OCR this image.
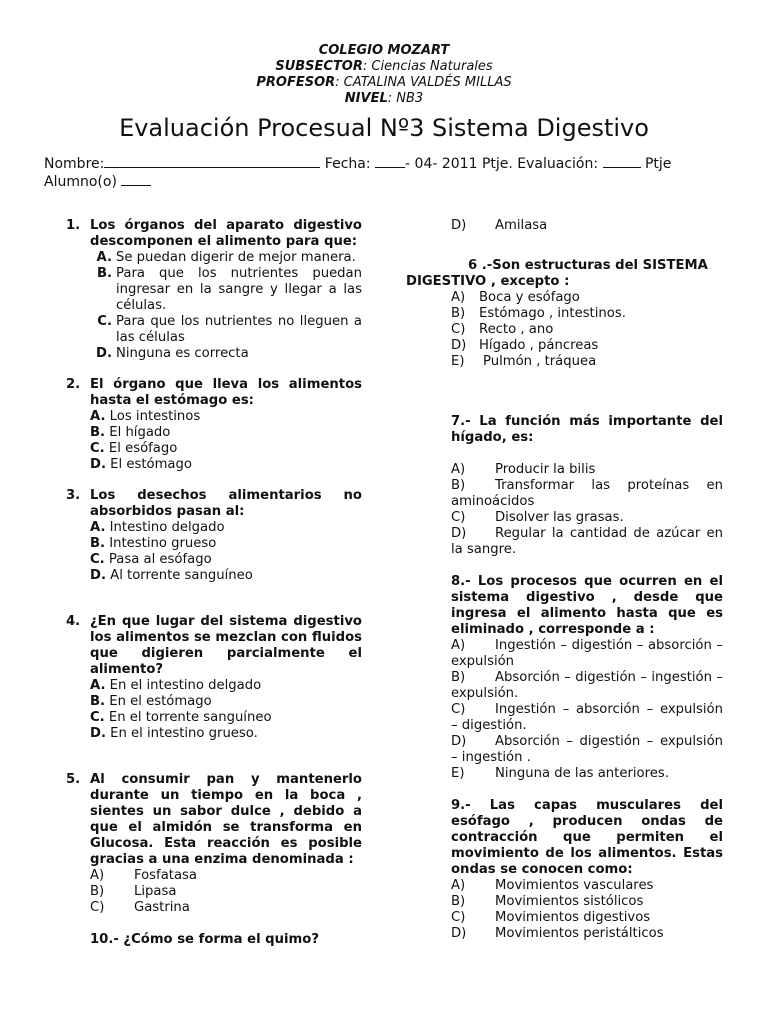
COLEGIO MOZART
SUBSECTOR: Ciencias Naturales
PROFESOR: CATALINA VALDÉS MILLAS
NIVEL: NB3
Evaluación Procesual Nº3 Sistema Digestivo
Nombre:	Fecha: - 04- 2011 Ptje. Evaluación:	Ptje
Alumno(o)
1. Los órganos del aparato digestivo descomponen el alimento para que:
A. Se puedan digerir de mejor manera.
B. Para que los nutrientes puedan ingresar en la sangre y llegar a las células.
C. Para que los nutrientes no lleguen a las células
D. Ninguna es correcta
2. El órgano que lleva los alimentos hasta el estómago es:
A. Los intestinos
B. El hígado
C. El esófago
D. El estómago
3. Los desechos alimentarios no absorbidos pasan al:
A. Intestino delgado
B. Intestino grueso
C. Pasa al esófago
D. Al torrente sanguíneo
4. ¿En que lugar del sistema digestivo los alimentos se mezclan con fluidos que digieren parcialmente el alimento?
A. En el intestino delgado
B. En el estómago
C. En el torrente sanguíneo
D. En el intestino grueso.
5. Al consumir pan y mantenerlo durante un tiempo en la boca , sientes un sabor dulce , debido a que el almidón se transforma en Glucosa. Esta reacción es posible gracias a una enzima denominada :
A) Fosfatasa
B) Lipasa
C) Gastrina
10.- ¿Cómo se forma el quimo?
D) Amilasa
6 .-Son estructuras del SISTEMA DIGESTIVO , excepto :
A) Boca y esófago
B) Estómago , intestinos.
C) Recto , ano
D) Hígado , páncreas
E) Pulmón , tráquea
7.- La función más importante del hígado, es:
A) Producir la bilis
B) Transformar las proteínas en aminoácidos
C) Disolver las grasas.
D) Regular la cantidad de azúcar en la sangre.
8.- Los procesos que ocurren en el sistema digestivo , desde que ingresa el alimento hasta que es eliminado , corresponde a :
A) Ingestión – digestión – absorción – expulsión
B) Absorción – digestión – ingestión – expulsión.
C) Ingestión – absorción – expulsión – digestión.
D) Absorción – digestión – expulsión – ingestión .
E) Ninguna de las anteriores.
9.- Las capas musculares del esófago , producen ondas de contracción que permiten el movimiento de los alimentos. Estas ondas se conocen como:
A) Movimientos vasculares
B) Movimientos sistólicos
C) Movimientos digestivos
D) Movimientos peristálticos
